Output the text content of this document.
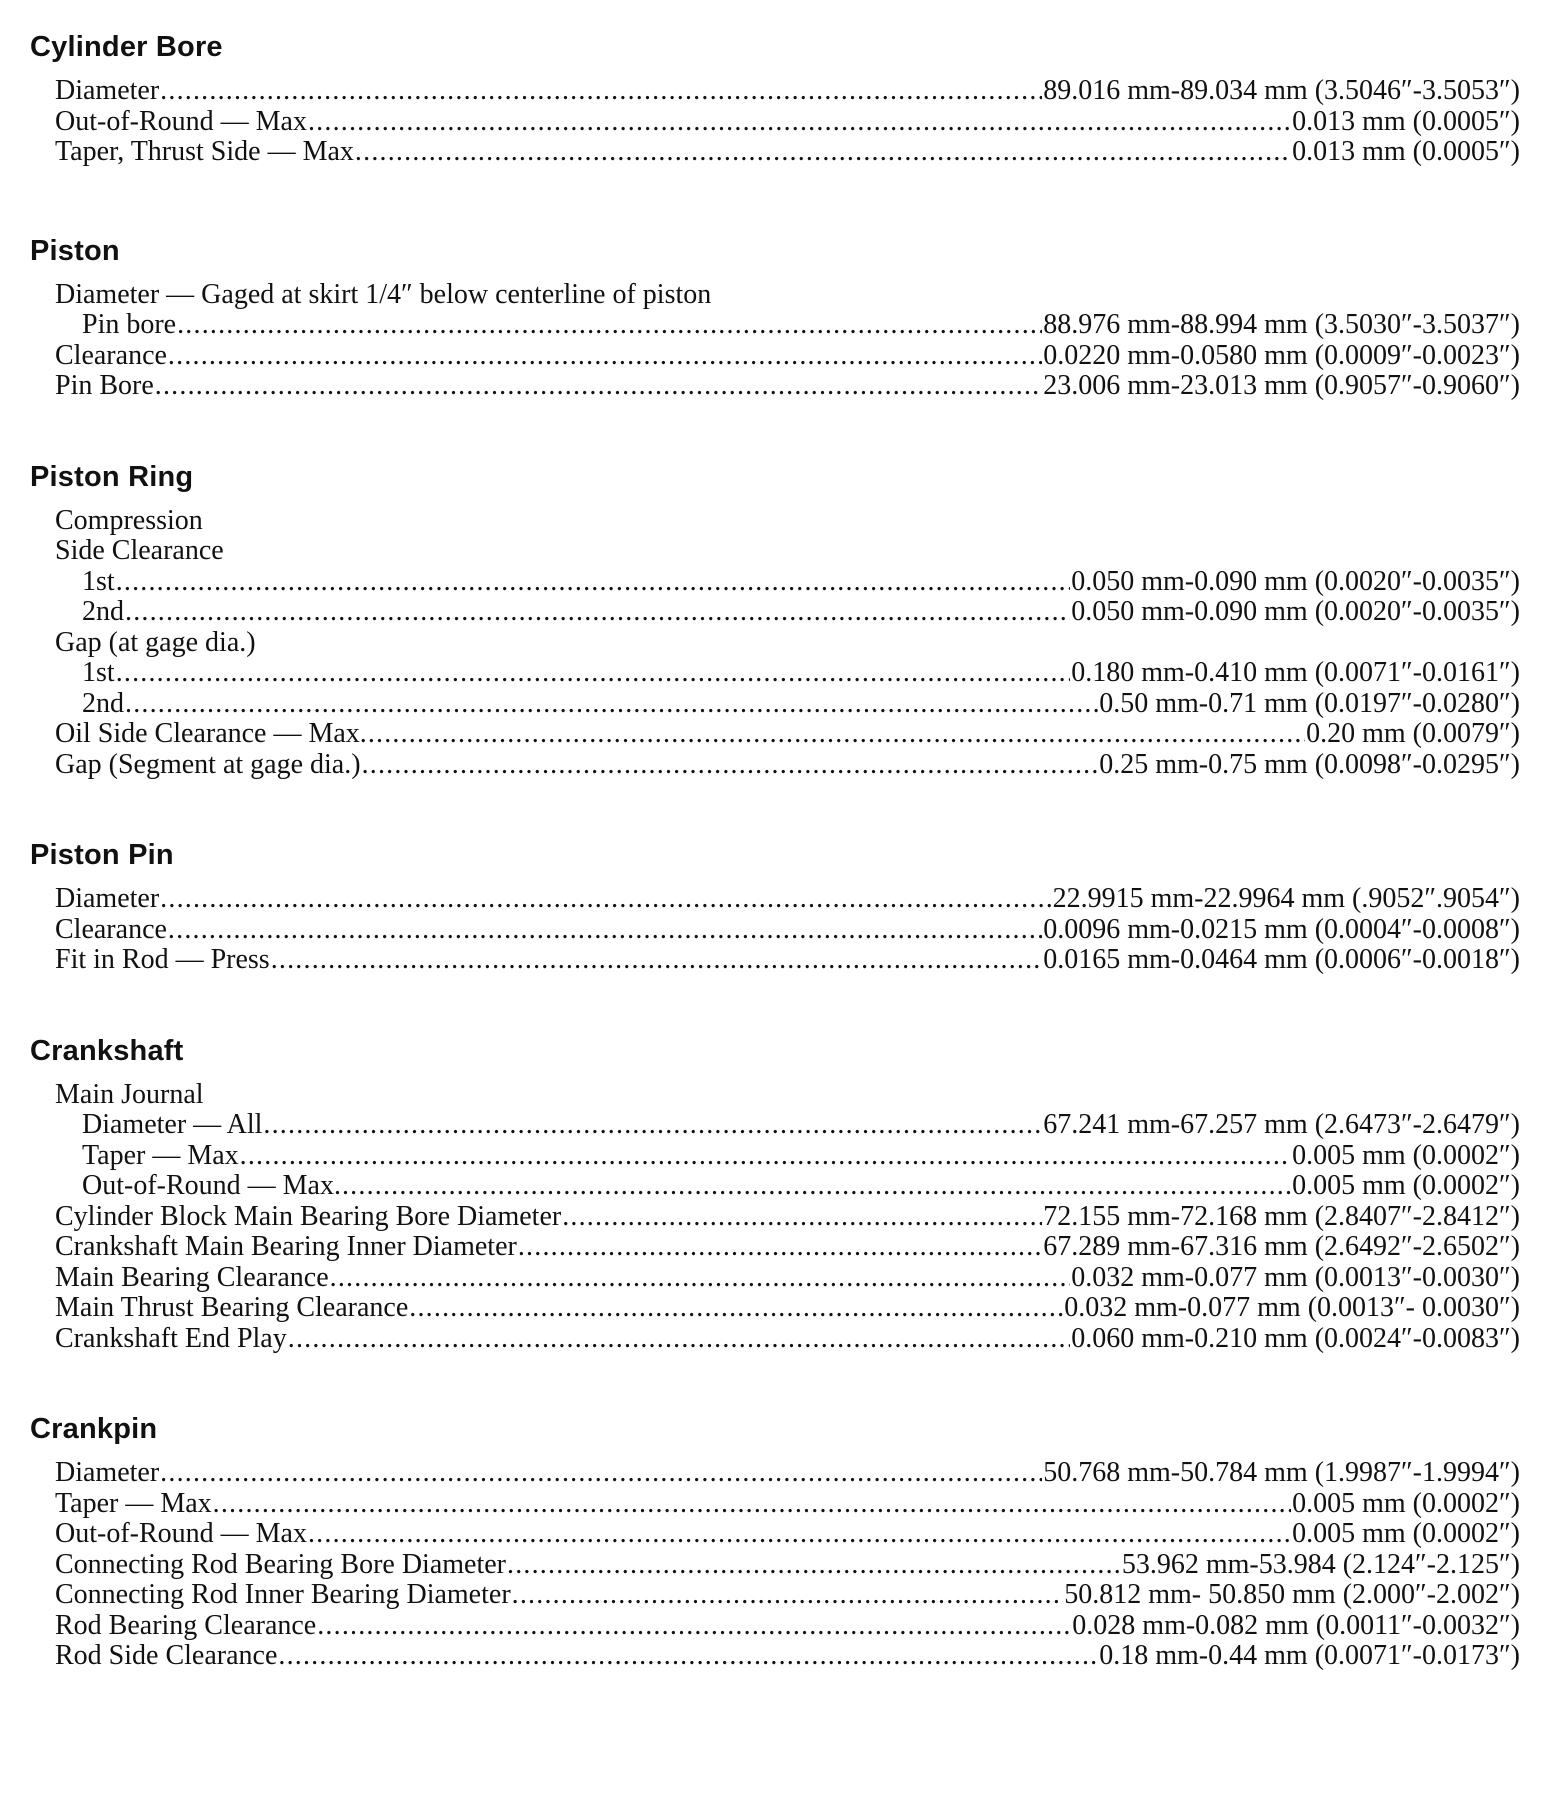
Cylinder Bore
Diameter .....	89.016 mm-89.034 mm (3.5046″-3.5053″)
Out-of-Round — Max .....	0.013 mm (0.0005″)
Taper, Thrust Side — Max .....	0.013 mm (0.0005″)
Piston
Diameter — Gaged at skirt 1/4″ below centerline of piston
Pin bore .....	88.976 mm-88.994 mm (3.5030″-3.5037″)
Clearance .....	0.0220 mm-0.0580 mm (0.0009″-0.0023″)
Pin Bore .....	23.006 mm-23.013 mm (0.9057″-0.9060″)
Piston Ring
Compression
Side Clearance
1st .....	0.050 mm-0.090 mm (0.0020″-0.0035″)
2nd .....	0.050 mm-0.090 mm (0.0020″-0.0035″)
Gap (at gage dia.)
1st .....	0.180 mm-0.410 mm (0.0071″-0.0161″)
2nd .....	0.50 mm-0.71 mm (0.0197″-0.0280″)
Oil Side Clearance — Max. .....	0.20 mm (0.0079″)
Gap (Segment at gage dia.) .....	0.25 mm-0.75 mm (0.0098″-0.0295″)
Piston Pin
Diameter .....	22.9915 mm-22.9964 mm (.9052″.9054″)
Clearance .....	0.0096 mm-0.0215 mm (0.0004″-0.0008″)
Fit in Rod — Press .....	0.0165 mm-0.0464 mm (0.0006″-0.0018″)
Crankshaft
Main Journal
Diameter — All .....	67.241 mm-67.257 mm (2.6473″-2.6479″)
Taper — Max .....	0.005 mm (0.0002″)
Out-of-Round — Max. .....	0.005 mm (0.0002″)
Cylinder Block Main Bearing Bore Diameter .....	72.155 mm-72.168 mm (2.8407″-2.8412″)
Crankshaft Main Bearing Inner Diameter .....	67.289 mm-67.316 mm (2.6492″-2.6502″)
Main Bearing Clearance .....	0.032 mm-0.077 mm (0.0013″-0.0030″)
Main Thrust Bearing Clearance .....	0.032 mm-0.077 mm (0.0013″- 0.0030″)
Crankshaft End Play .....	0.060 mm-0.210 mm (0.0024″-0.0083″)
Crankpin
Diameter .....	50.768 mm-50.784 mm (1.9987″-1.9994″)
Taper — Max .....	0.005 mm (0.0002″)
Out-of-Round — Max .....	0.005 mm (0.0002″)
Connecting Rod Bearing Bore Diameter .....	53.962 mm-53.984 (2.124″-2.125″)
Connecting Rod Inner Bearing Diameter .....	50.812 mm- 50.850 mm (2.000″-2.002″)
Rod Bearing Clearance .....	0.028 mm-0.082 mm (0.0011″-0.0032″)
Rod Side Clearance .....	0.18 mm-0.44 mm (0.0071″-0.0173″)
